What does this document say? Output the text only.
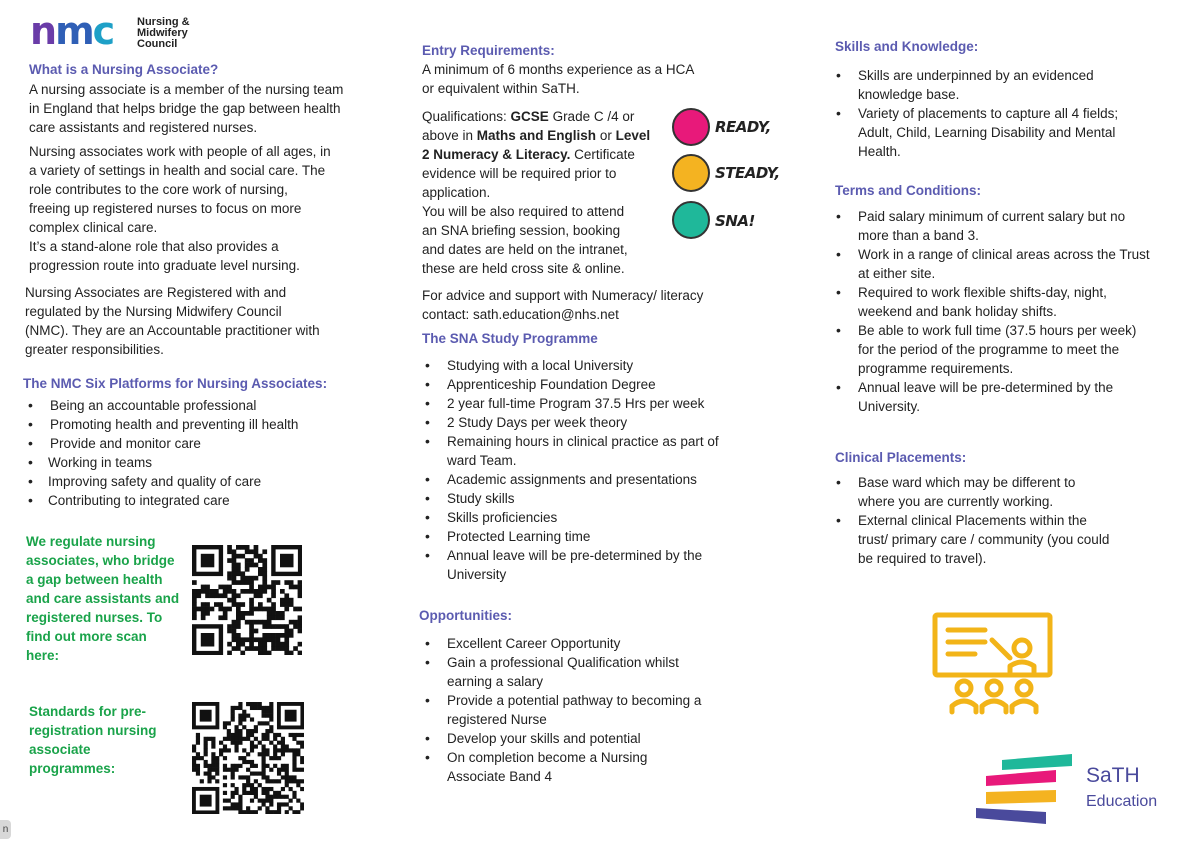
nmc Nursing &
Midwifery
Council
What is a Nursing Associate?
A nursing associate is a member of the nursing team
in England that helps bridge the gap between health
care assistants and registered nurses.
Nursing associates work with people of all ages, in
a variety of settings in health and social care. The
role contributes to the core work of nursing,
freeing up registered nurses to focus on more
complex clinical care.
It’s a stand-alone role that also provides a
progression route into graduate level nursing.
Nursing Associates are Registered with and
regulated by the Nursing Midwifery Council
(NMC). They are an Accountable practitioner with
greater responsibilities.
The NMC Six Platforms for Nursing Associates:
• Being an accountable professional
• Promoting health and preventing ill health
• Provide and monitor care
• Working in teams
• Improving safety and quality of care
• Contributing to integrated care
We regulate nursing
associates, who bridge
a gap between health
and care assistants and
registered nurses. To
find out more scan
here:
Standards for pre-
registration nursing
associate
programmes:
n
Entry Requirements:
A minimum of 6 months experience as a HCA
or equivalent within SaTH.
Qualifications: GCSE Grade C /4 or
above in Maths and English or Level
2 Numeracy & Literacy. Certificate
evidence will be required prior to
application.
You will be also required to attend
an SNA briefing session, booking
and dates are held on the intranet,
these are held cross site & online.
READY,
STEADY,
SNA!
For advice and support with Numeracy/ literacy
contact: sath.education@nhs.net
The SNA Study Programme
• Studying with a local University
• Apprenticeship Foundation Degree
• 2 year full-time Program 37.5 Hrs per week
• 2 Study Days per week theory
• Remaining hours in clinical practice as part of
ward Team.
• Academic assignments and presentations
• Study skills
• Skills proficiencies
• Protected Learning time
• Annual leave will be pre-determined by the
University
Opportunities:
• Excellent Career Opportunity
• Gain a professional Qualification whilst
earning a salary
• Provide a potential pathway to becoming a
registered Nurse
• Develop your skills and potential
• On completion become a Nursing
Associate Band 4
Skills and Knowledge:
• Skills are underpinned by an evidenced
knowledge base.
• Variety of placements to capture all 4 fields;
Adult, Child, Learning Disability and Mental
Health.
Terms and Conditions:
• Paid salary minimum of current salary but no
more than a band 3.
• Work in a range of clinical areas across the Trust
at either site.
• Required to work flexible shifts-day, night,
weekend and bank holiday shifts.
• Be able to work full time (37.5 hours per week)
for the period of the programme to meet the
programme requirements.
• Annual leave will be pre-determined by the
University.
Clinical Placements:
• Base ward which may be different to
where you are currently working.
• External clinical Placements within the
trust/ primary care / community (you could
be required to travel).
SaTH
Education
